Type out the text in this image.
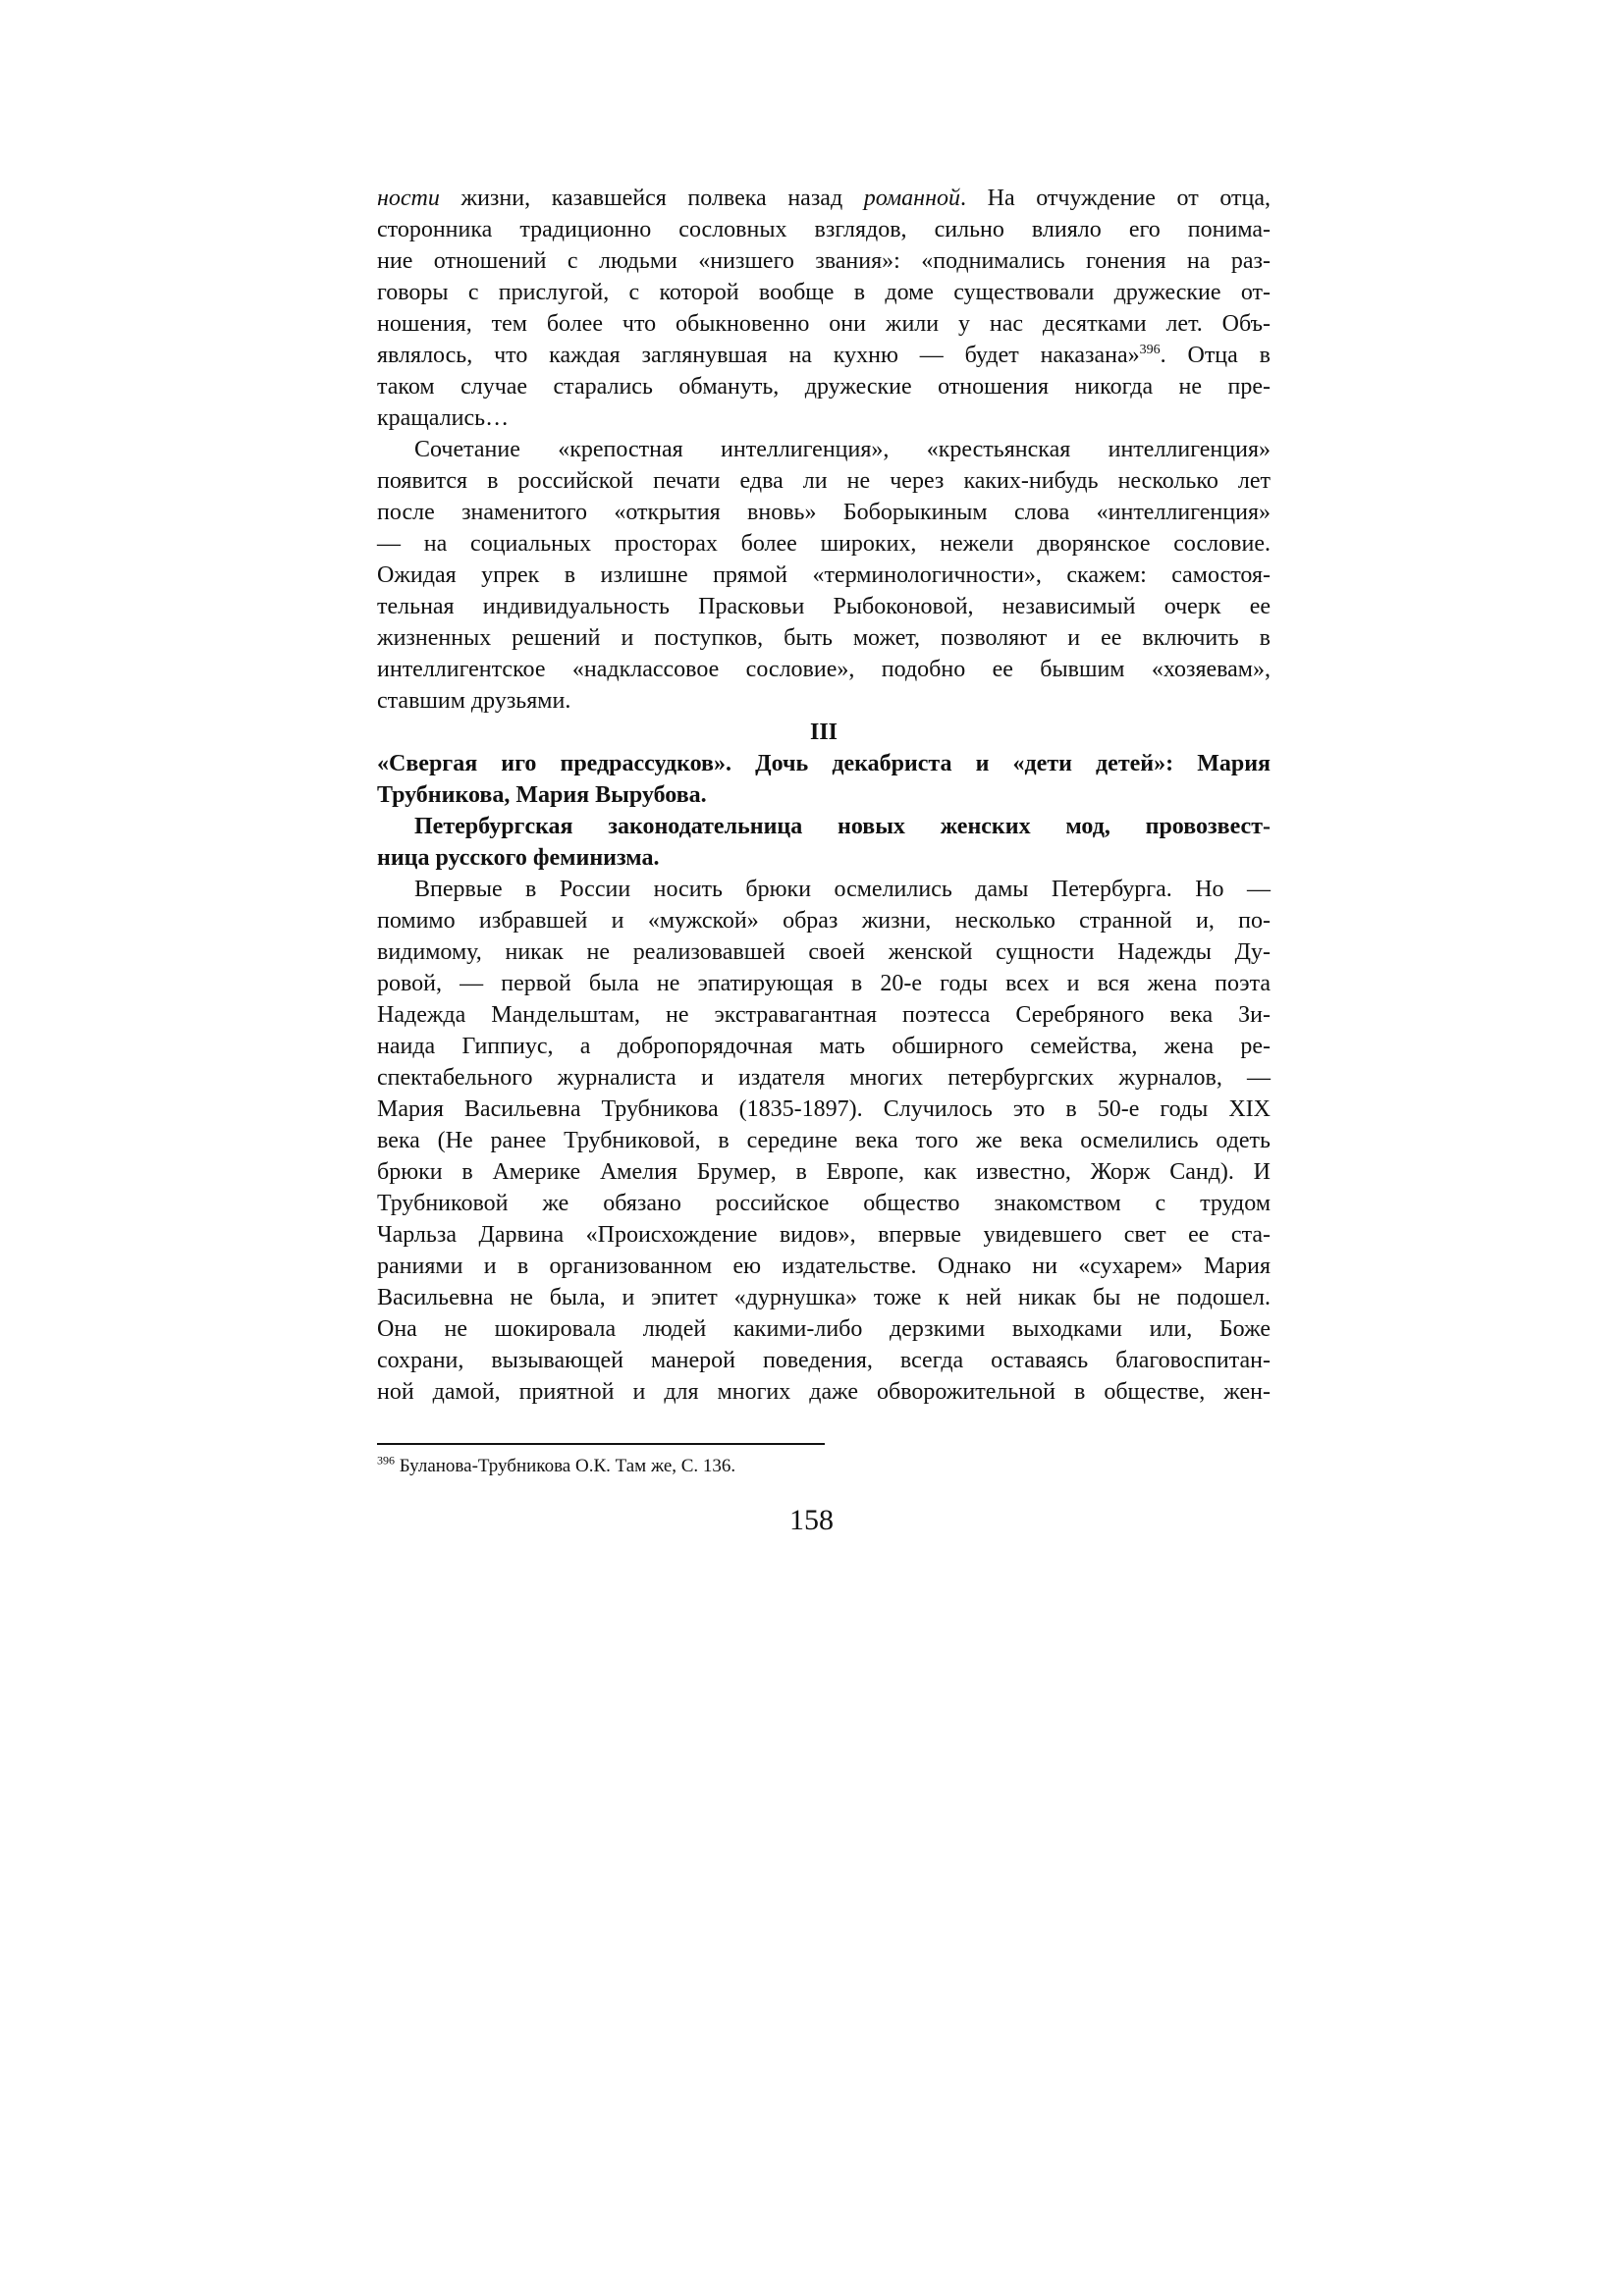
ности жизни, казавшейся полвека назад романной. На отчуждение от отца,
сторонника традиционно сословных взглядов, сильно влияло его понима-
ние отношений с людьми «низшего звания»: «поднимались гонения на раз-
говоры с прислугой, с которой вообще в доме существовали дружеские от-
ношения, тем более что обыкновенно они жили у нас десятками лет. Объ-
являлось, что каждая заглянувшая на кухню — будет наказана»$^{396}$. Отца в
таком случае старались обмануть, дружеские отношения никогда не пре-
кращались…
Сочетание «крепостная интеллигенция», «крестьянская интеллигенция»
появится в российской печати едва ли не через каких-нибудь несколько лет
после знаменитого «открытия вновь» Боборыкиным слова «интеллигенция»
— на социальных просторах более широких, нежели дворянское сословие.
Ожидая упрек в излишне прямой «терминологичности», скажем: самостоя-
тельная индивидуальность Прасковьи Рыбоконовой, независимый очерк ее
жизненных решений и поступков, быть может, позволяют и ее включить в
интеллигентское «надклассовое сословие», подобно ее бывшим «хозяевам»,
ставшим друзьями.
III
«Свергая иго предрассудков». Дочь декабриста и «дети детей»: Мария
Трубникова, Мария Вырубова.
Петербургская законодательница новых женских мод, провозвест-
ница русского феминизма.
Впервые в России носить брюки осмелились дамы Петербурга. Но —
помимо избравшей и «мужской» образ жизни, несколько странной и, по-
видимому, никак не реализовавшей своей женской сущности Надежды Ду-
ровой, — первой была не эпатирующая в 20-е годы всех и вся жена поэта
Надежда Мандельштам, не экстравагантная поэтесса Серебряного века Зи-
наида Гиппиус, а добропорядочная мать обширного семейства, жена ре-
спектабельного журналиста и издателя многих петербургских журналов, —
Мария Васильевна Трубникова (1835-1897). Случилось это в 50-е годы XIX
века (Не ранее Трубниковой, в середине века того же века осмелились одеть
брюки в Америке Амелия Брумер, в Европе, как известно, Жорж Санд). И
Трубниковой же обязано российское общество знакомством с трудом
Чарльза Дарвина «Происхождение видов», впервые увидевшего свет ее ста-
раниями и в организованном ею издательстве. Однако ни «сухарем» Мария
Васильевна не была, и эпитет «дурнушка» тоже к ней никак бы не подошел.
Она не шокировала людей какими-либо дерзкими выходками или, Боже
сохрани, вызывающей манерой поведения, всегда оставаясь благовоспитан-
ной дамой, приятной и для многих даже обворожительной в обществе, жен-
$^{396}$ Буланова-Трубникова О.К. Там же, С. 136.
158
